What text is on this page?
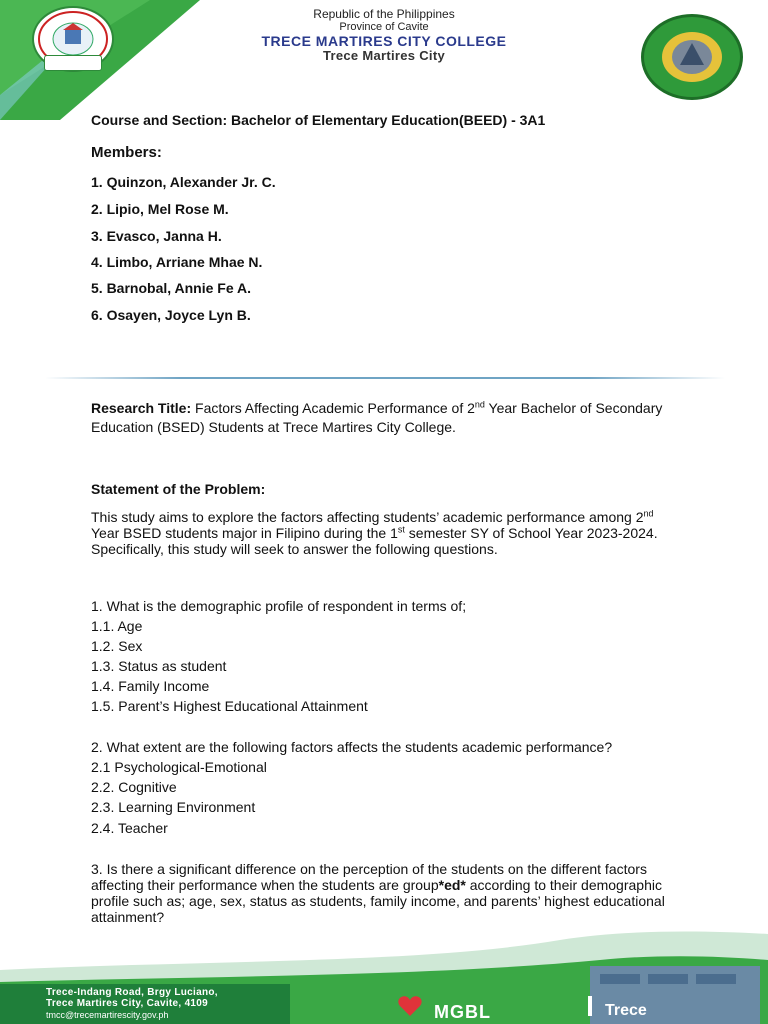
Republic of the Philippines
Province of Cavite
TRECE MARTIRES CITY COLLEGE
Trece Martires City
Course and Section: Bachelor of Elementary Education(BEED) - 3A1
Members:
1. Quinzon, Alexander Jr. C.
2. Lipio, Mel Rose M.
3. Evasco, Janna H.
4. Limbo, Arriane Mhae N.
5. Barnobal, Annie Fe A.
6. Osayen, Joyce Lyn B.
Research Title: Factors Affecting Academic Performance of 2nd Year Bachelor of Secondary
Education (BSED) Students at Trece Martires City College.
Statement of the Problem:
This study aims to explore the factors affecting students’ academic performance among 2nd
Year BSED students major in Filipino during the 1st semester SY of School Year 2023-2024.
Specifically, this study will seek to answer the following questions.
1. What is the demographic profile of respondent in terms of;
1.1. Age
1.2. Sex
1.3. Status as student
1.4. Family Income
1.5. Parent’s Highest Educational Attainment
2. What extent are the following factors affects the students academic performance?
2.1 Psychological-Emotional
2.2. Cognitive
2.3. Learning Environment
2.4. Teacher
3. Is there a significant difference on the perception of the students on the different factors
affecting their performance when the students are group*ed* according to their demographic
profile such as; age, sex, status as students, family income, and parents’ highest educational
attainment?
Trece-Indang Road, Brgy Luciano,
Trece Martires City, Cavite, 4109
tmcc@trecemartirescity.gov.ph	MGBL	Trece
